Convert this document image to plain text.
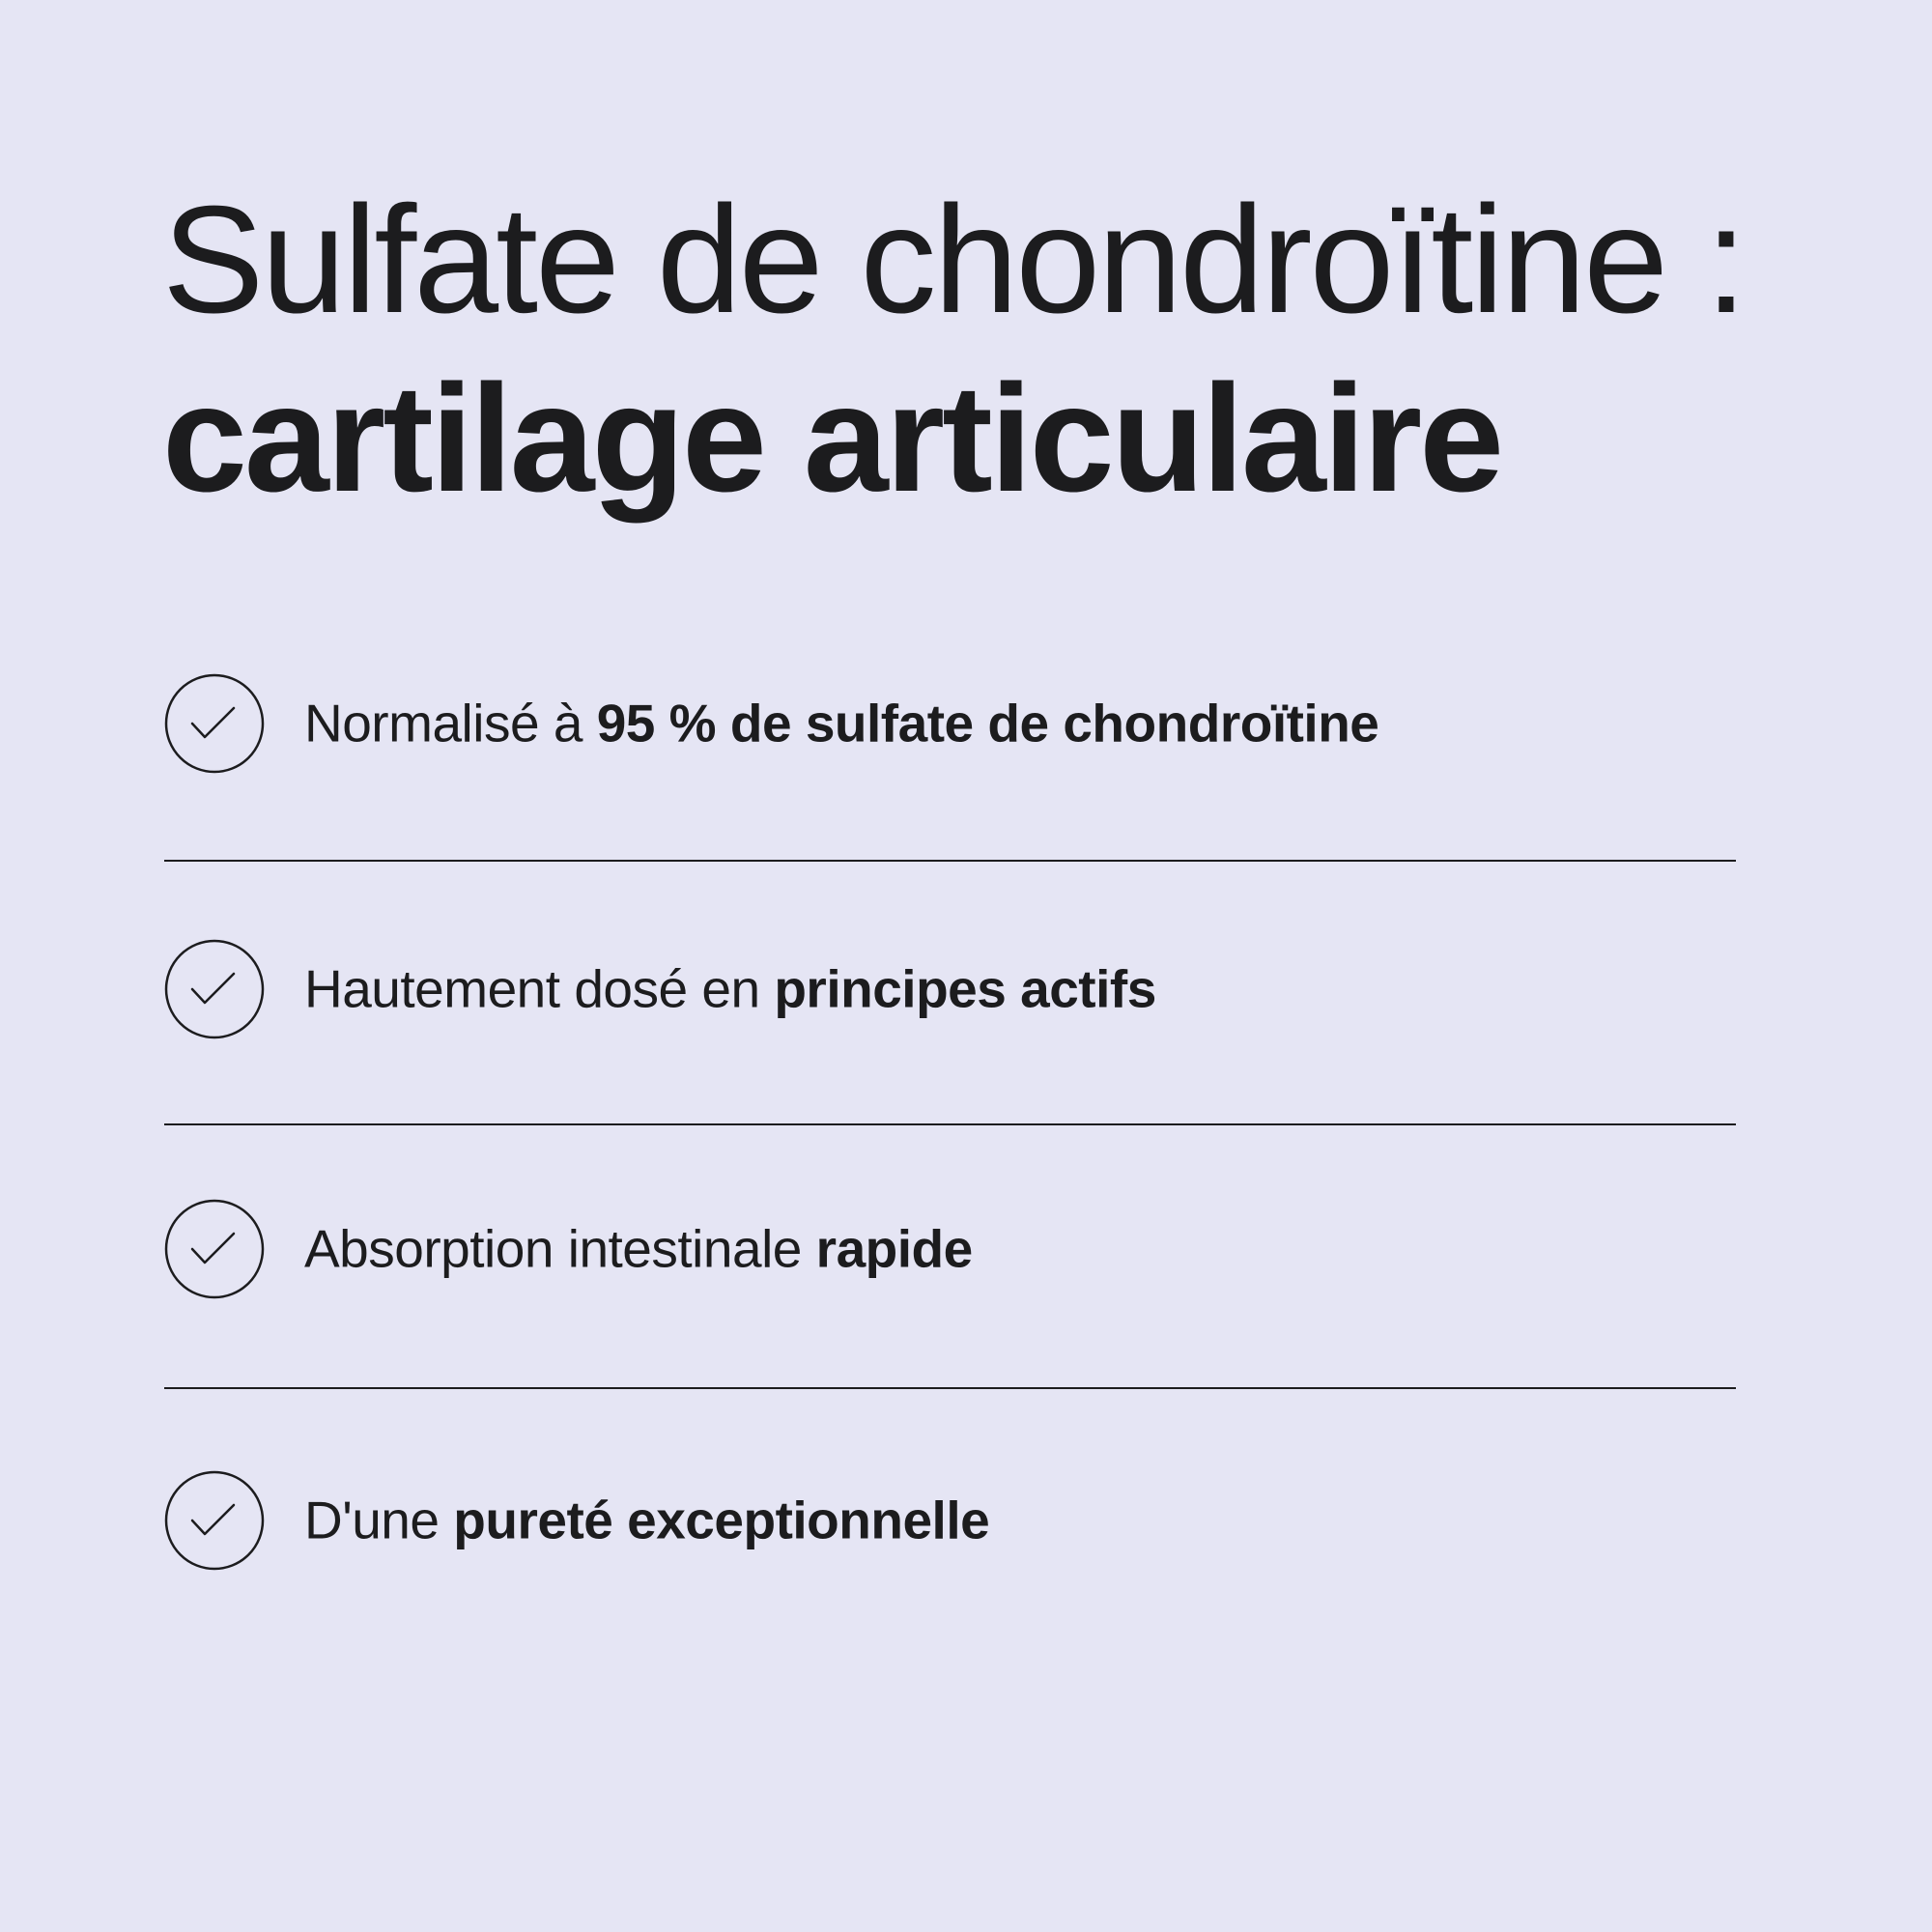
Sulfate de chondroïtine :
cartilage articulaire
Normalisé à 95 % de sulfate de chondroïtine
Hautement dosé en principes actifs
Absorption intestinale rapide
D'une pureté exceptionnelle
